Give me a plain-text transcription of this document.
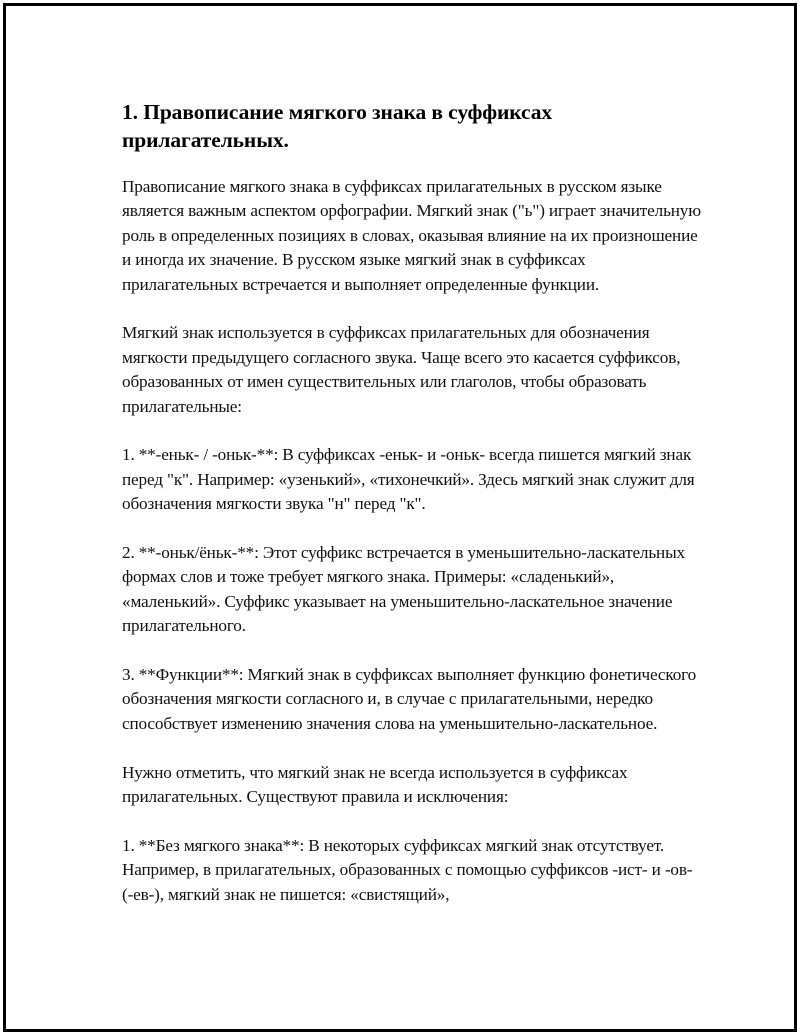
1. Правописание мягкого знака в суффиксах прилагательных.

Правописание мягкого знака в суффиксах прилагательных в русском языке является важным аспектом орфографии. Мягкий знак ("ь") играет значительную роль в определенных позициях в словах, оказывая влияние на их произношение и иногда их значение. В русском языке мягкий знак в суффиксах прилагательных встречается и выполняет определенные функции.

Мягкий знак используется в суффиксах прилагательных для обозначения мягкости предыдущего согласного звука. Чаще всего это касается суффиксов, образованных от имен существительных или глаголов, чтобы образовать прилагательные:

1. **-еньк- / -оньк-**: В суффиксах -еньк- и -оньк- всегда пишется мягкий знак перед "к". Например: «узенький», «тихонечкий». Здесь мягкий знак служит для обозначения мягкости звука "н" перед "к".

2. **-оньк/ёньк-**: Этот суффикс встречается в уменьшительно-ласкательных формах слов и тоже требует мягкого знака. Примеры: «сладенький», «маленький». Суффикс указывает на уменьшительно-ласкательное значение прилагательного.

3. **Функции**: Мягкий знак в суффиксах выполняет функцию фонетического обозначения мягкости согласного и, в случае с прилагательными, нередко способствует изменению значения слова на уменьшительно-ласкательное.

Нужно отметить, что мягкий знак не всегда используется в суффиксах прилагательных. Существуют правила и исключения:

1. **Без мягкого знака**: В некоторых суффиксах мягкий знак отсутствует. Например, в прилагательных, образованных с помощью суффиксов -ист- и -ов- (-ев-), мягкий знак не пишется: «свистящий»,
